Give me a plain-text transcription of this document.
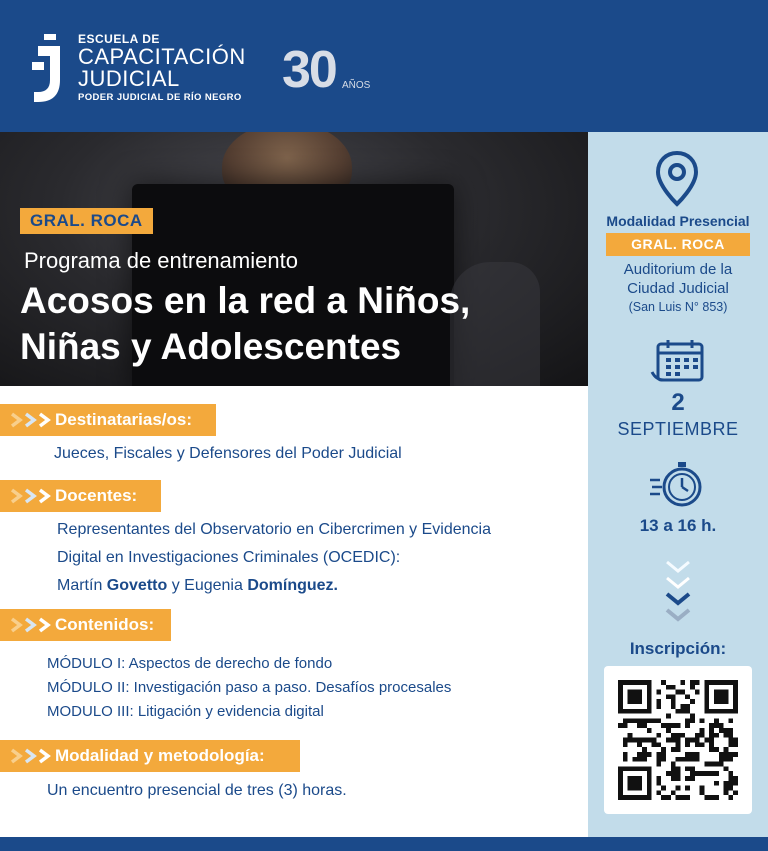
ESCUELA DE
CAPACITACIÓN
JUDICIAL
PODER JUDICIAL DE RÍO NEGRO 30 AÑOS
GRAL. ROCA
Programa de entrenamiento
Acosos en la red a Niños,
Niñas y Adolescentes
Modalidad Presencial
GRAL. ROCA
Auditorium de la
Ciudad Judicial
(San Luis N° 853)
2
SEPTIEMBRE
13 a 16 h.
Inscripción:
Destinatarias/os:
Jueces, Fiscales y Defensores del Poder Judicial
Docentes:
Representantes del Observatorio en Cibercrimen y Evidencia
Digital en Investigaciones Criminales (OCEDIC):
Martín Govetto y Eugenia Domínguez.
Contenidos:
MÓDULO I: Aspectos de derecho de fondo
MÓDULO II: Investigación paso a paso. Desafíos procesales
MODULO III: Litigación y evidencia digital
Modalidad y metodología:
Un encuentro presencial de tres (3) horas.
